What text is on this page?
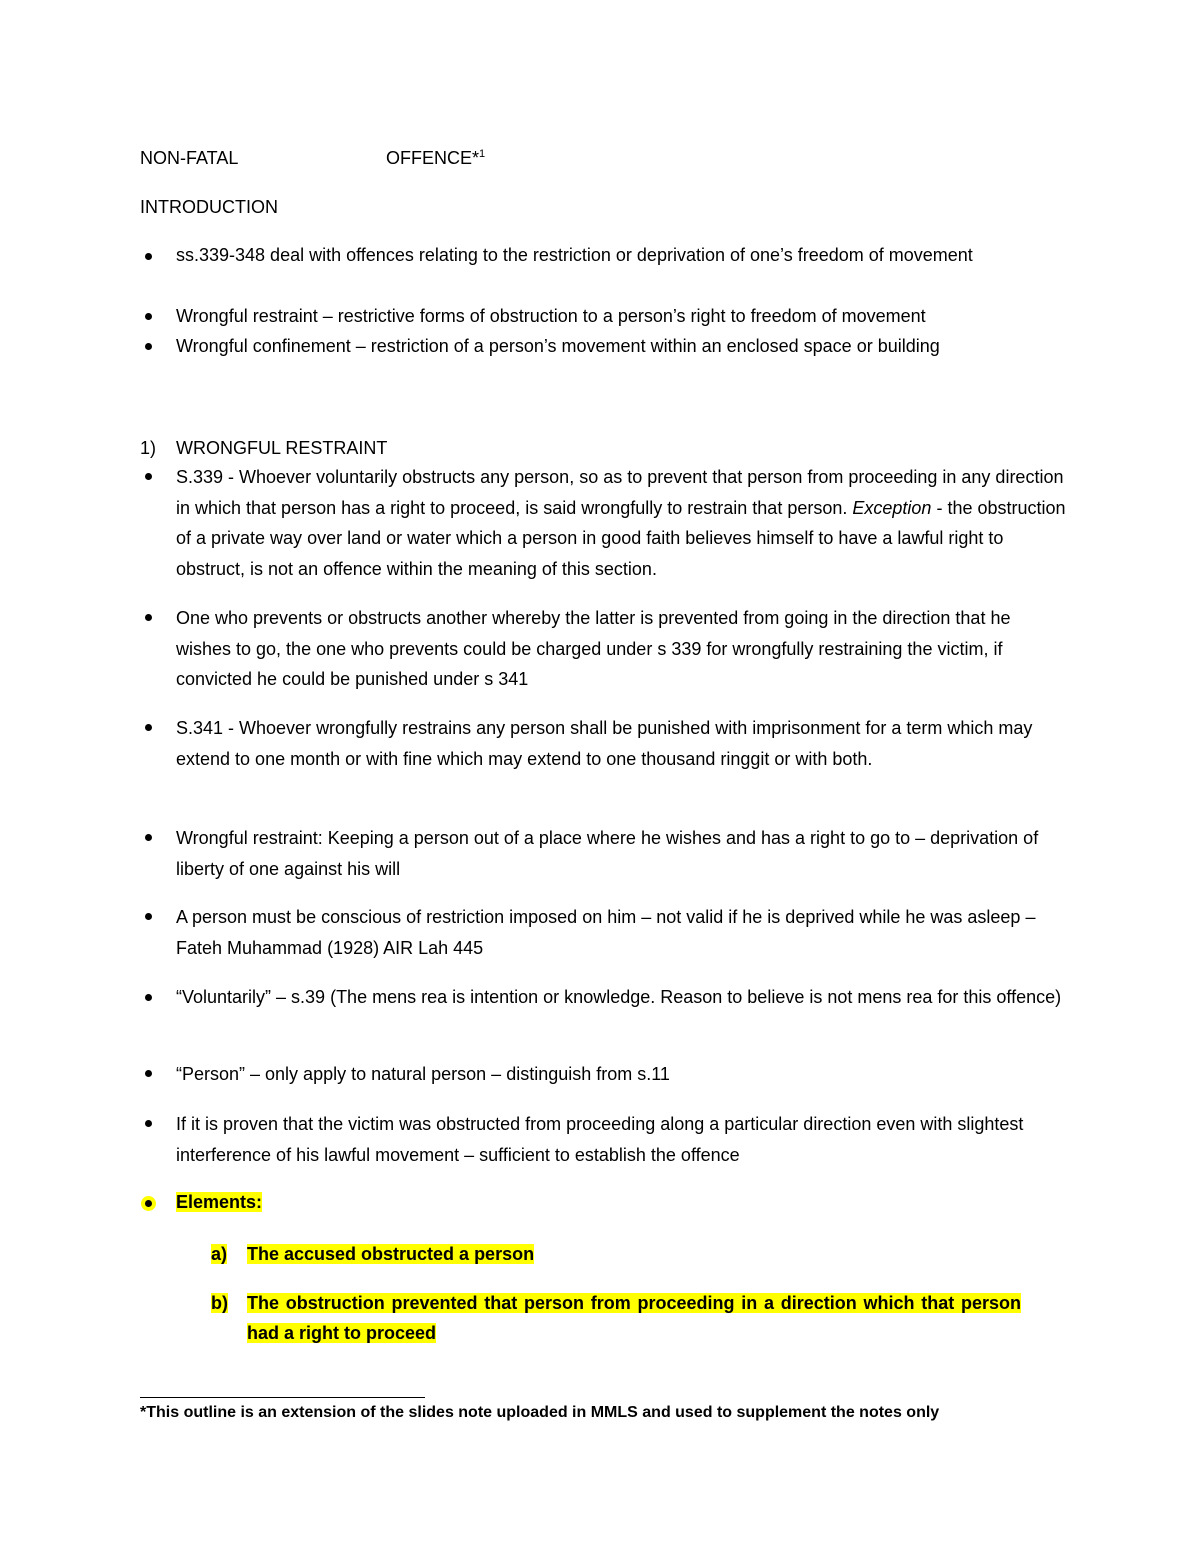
NON-FATAL	OFFENCE*$^1$
INTRODUCTION
ss.339-348 deal with offences relating to the restriction or deprivation of one’s freedom of movement
Wrongful restraint – restrictive forms of obstruction to a person’s right to freedom of movement
Wrongful confinement – restriction of a person’s movement within an enclosed space or building
1) WRONGFUL RESTRAINT
S.339 - Whoever voluntarily obstructs any person, so as to prevent that person from proceeding in any direction in which that person has a right to proceed, is said wrongfully to restrain that person. Exception - the obstruction of a private way over land or water which a person in good faith believes himself to have a lawful right to obstruct, is not an offence within the meaning of this section.
One who prevents or obstructs another whereby the latter is prevented from going in the direction that he wishes to go, the one who prevents could be charged under s 339 for wrongfully restraining the victim, if convicted he could be punished under s 341
S.341 - Whoever wrongfully restrains any person shall be punished with imprisonment for a term which may extend to one month or with fine which may extend to one thousand ringgit or with both.
Wrongful restraint: Keeping a person out of a place where he wishes and has a right to go to – deprivation of liberty of one against his will
A person must be conscious of restriction imposed on him – not valid if he is deprived while he was asleep – Fateh Muhammad (1928) AIR Lah 445
“Voluntarily” – s.39 (The mens rea is intention or knowledge. Reason to believe is not mens rea for this offence)
“Person” – only apply to natural person – distinguish from s.11
If it is proven that the victim was obstructed from proceeding along a particular direction even with slightest interference of his lawful movement – sufficient to establish the offence
Elements:
a) The accused obstructed a person
b) The obstruction prevented that person from proceeding in a direction which that person had a right to proceed
*This outline is an extension of the slides note uploaded in MMLS and used to supplement the notes only
